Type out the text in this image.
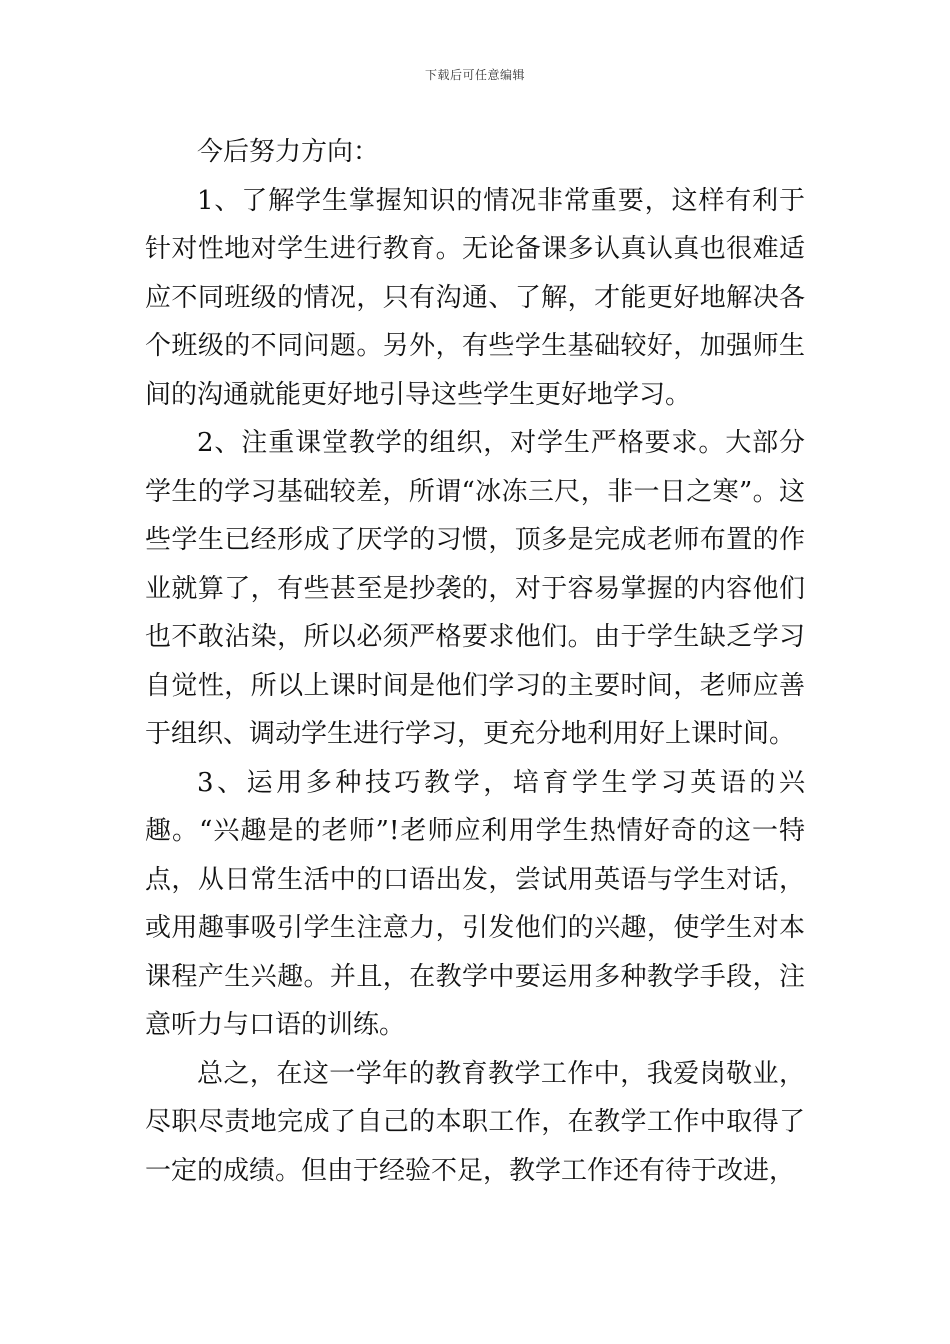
下载后可任意编辑

今后努力方向：

1、了解学生掌握知识的情况非常重要，这样有利于针对性地对学生进行教育。无论备课多认真认真也很难适应不同班级的情况，只有沟通、了解，才能更好地解决各个班级的不同问题。另外，有些学生基础较好，加强师生间的沟通就能更好地引导这些学生更好地学习。

2、注重课堂教学的组织，对学生严格要求。大部分学生的学习基础较差，所谓“冰冻三尺，非一日之寒”。这些学生已经形成了厌学的习惯，顶多是完成老师布置的作业就算了，有些甚至是抄袭的，对于容易掌握的内容他们也不敢沾染，所以必须严格要求他们。由于学生缺乏学习自觉性，所以上课时间是他们学习的主要时间，老师应善于组织、调动学生进行学习，更充分地利用好上课时间。

3、运用多种技巧教学，培育学生学习英语的兴趣。“兴趣是的老师”!老师应利用学生热情好奇的这一特点，从日常生活中的口语出发，尝试用英语与学生对话，或用趣事吸引学生注意力，引发他们的兴趣，使学生对本课程产生兴趣。并且，在教学中要运用多种教学手段，注意听力与口语的训练。

总之，在这一学年的教育教学工作中，我爱岗敬业，尽职尽责地完成了自己的本职工作，在教学工作中取得了一定的成绩。但由于经验不足，教学工作还有待于改进，
